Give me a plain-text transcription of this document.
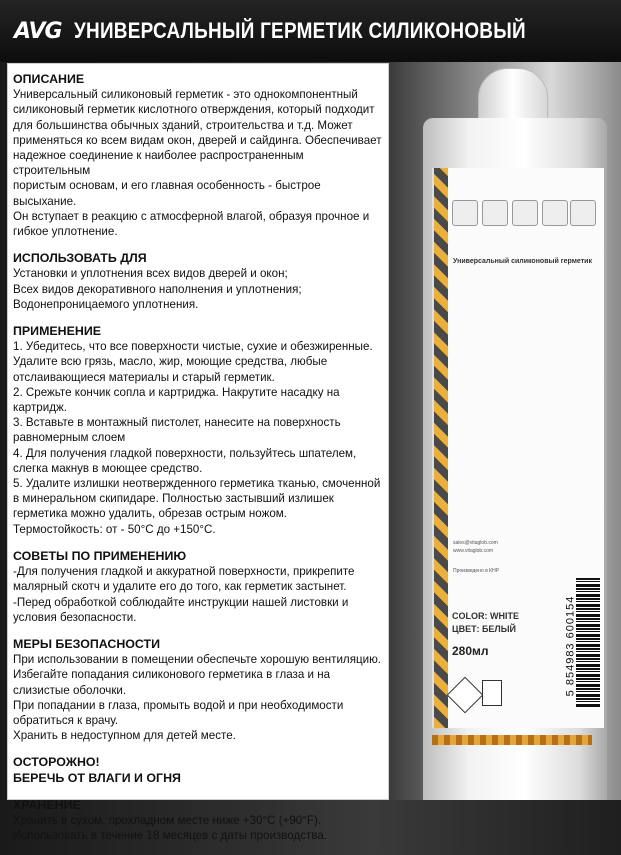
AVG УНИВЕРСАЛЬНЫЙ ГЕРМЕТИК СИЛИКОНОВЫЙ

ОПИСАНИЕ

Универсальный силиконовый герметик - это однокомпонентный
силиконовый герметик кислотного отверждения, который подходит
для большинства обычных зданий, строительства и т.д. Может
применяться ко всем видам окон, дверей и сайдинга. Обеспечивает
надежное соединение к наиболее распространенным строительным
пористым основам, и его главная особенность - быстрое высыхание.
Он вступает в реакцию с атмосферной влагой, образуя прочное и
гибкое уплотнение.

ИСПОЛЬЗОВАТЬ ДЛЯ

Установки и уплотнения всех видов дверей и окон;
Всех видов декоративного наполнения и уплотнения;
Водонепроницаемого уплотнения.

ПРИМЕНЕНИЕ

1. Убедитесь, что все поверхности чистые, сухие и обезжиренные.
Удалите всю грязь, масло, жир, моющие средства, любые
отслаивающиеся материалы и старый герметик.
2. Срежьте кончик сопла и картриджа. Накрутите насадку на
картридж.
3. Вставьте в монтажный пистолет, нанесите на поверхность
равномерным слоем
4. Для получения гладкой поверхности, пользуйтесь шпателем,
слегка макнув в моющее средство.
5. Удалите излишки неотвержденного герметика тканью, смоченной
в минеральном скипидаре. Полностью застывший излишек
герметика можно удалить, обрезав острым ножом.
Термостойкость: от - 50°C до +150°C.

СОВЕТЫ ПО ПРИМЕНЕНИЮ

-Для получения гладкой и аккуратной поверхности, прикрепите
малярный скотч и удалите его до того, как герметик застынет.
-Перед обработкой соблюдайте инструкции нашей листовки и
условия безопасности.

МЕРЫ БЕЗОПАСНОСТИ

При использовании в помещении обеспечьте хорошую вентиляцию.
Избегайте попадания силиконового герметика в глаза и на
слизистые оболочки.
При попадании в глаза, промыть водой и при необходимости
обратиться к врачу.
Хранить в недоступном для детей месте.

ОСТОРОЖНО!

БЕРЕЧЬ ОТ ВЛАГИ И ОГНЯ

ХРАНЕНИЕ

Хранить в сухом, прохладном месте ниже +30°C (+90°F).
Использовать в течение 18 месяцев с даты производства.

Универсальный силиконовый герметик
sales@vitaglob.com
www.vitaglob.com
Произведено в КНР
COLOR: WHITE
ЦВЕТ: БЕЛЫЙ
280мл	5 854983 600154
